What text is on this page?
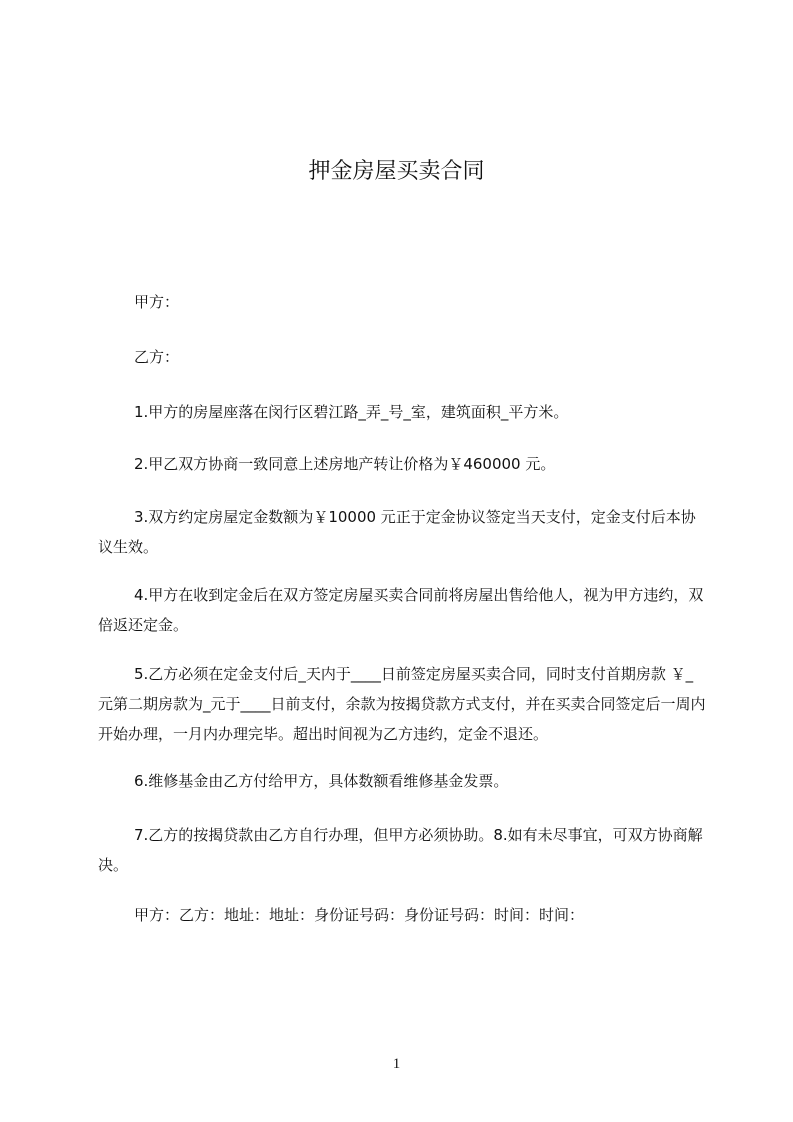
押金房屋买卖合同

甲方：

乙方：

1.甲方的房屋座落在闵行区碧江路_弄_号_室，建筑面积_平方米。

2.甲乙双方协商一致同意上述房地产转让价格为￥460000 元。

3.双方约定房屋定金数额为￥10000 元正于定金协议签定当天支付，定金支付后本协议生效。

4.甲方在收到定金后在双方签定房屋买卖合同前将房屋出售给他人，视为甲方违约，双倍返还定金。

5.乙方必须在定金支付后_天内于____日前签定房屋买卖合同，同时支付首期房款 ￥_元第二期房款为_元于____日前支付，余款为按揭贷款方式支付，并在买卖合同签定后一周内开始办理，一月内办理完毕。超出时间视为乙方违约，定金不退还。

6.维修基金由乙方付给甲方，具体数额看维修基金发票。

7.乙方的按揭贷款由乙方自行办理，但甲方必须协助。8.如有未尽事宜，可双方协商解决。

甲方：乙方：地址：地址：身份证号码：身份证号码：时间：时间：

1
